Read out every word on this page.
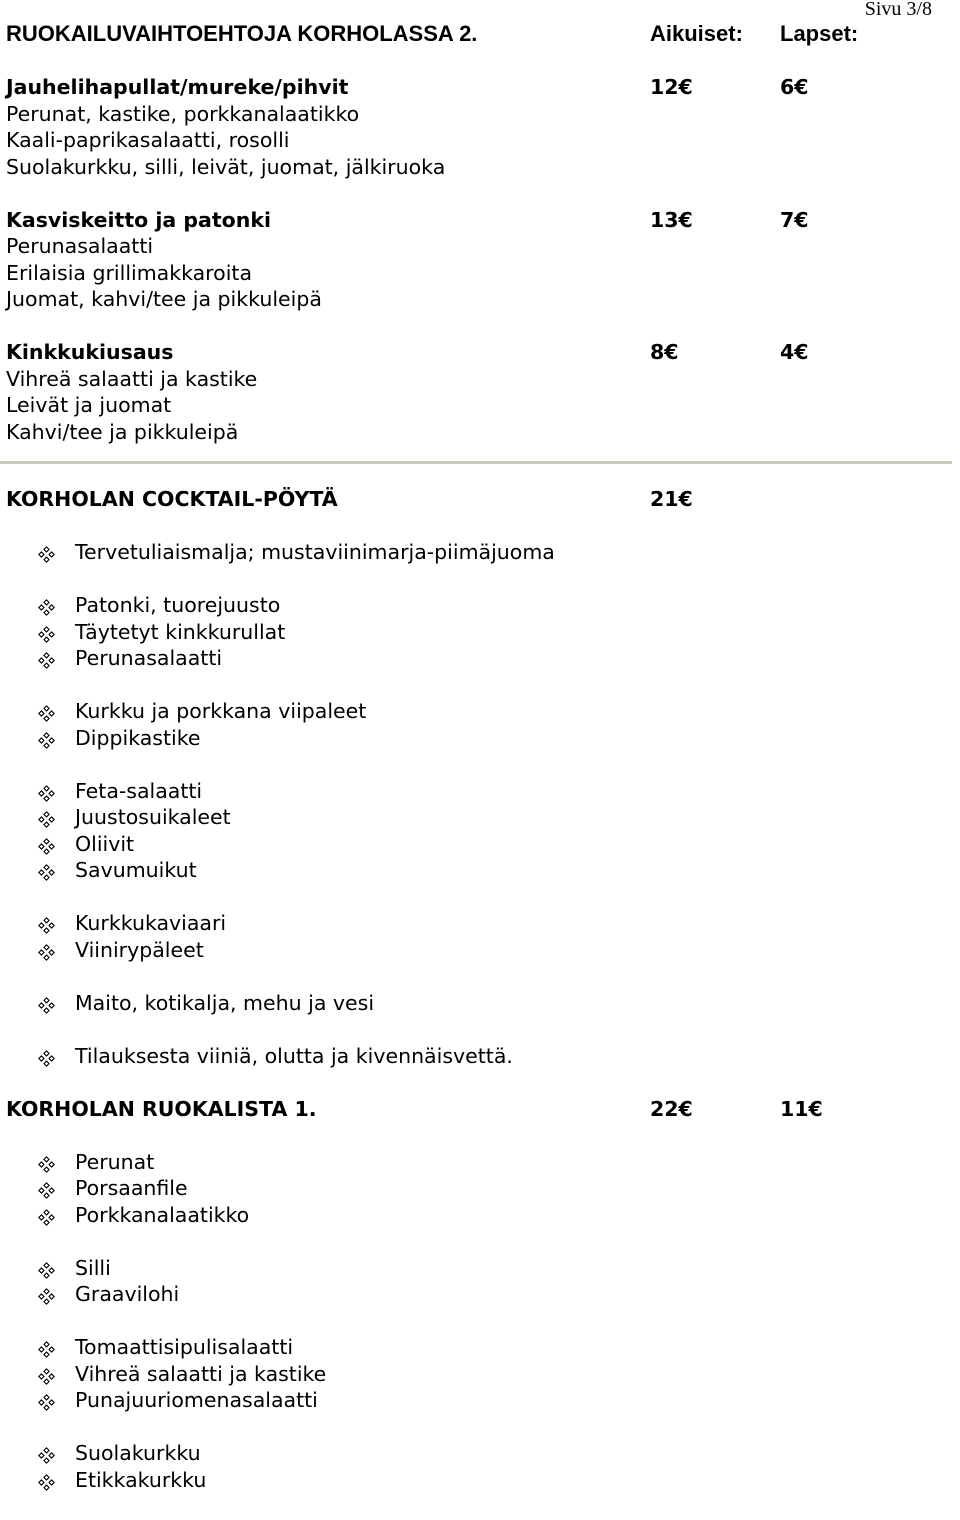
Sivu 3/8
RUOKAILUVAIHTOEHTOJA KORHOLASSA 2.	Aikuiset: Lapset:
Jauhelihapullat/mureke/pihvit	12€	6€
Perunat, kastike, porkkanalaatikko
Kaali-paprikasalaatti, rosolli
Suolakurkku, silli, leivät, juomat, jälkiruoka
Kasviskeitto ja patonki	13€	7€
Perunasalaatti
Erilaisia grillimakkaroita
Juomat, kahvi/tee ja pikkuleipä
Kinkkukiusaus	8€	4€
Vihreä salaatti ja kastike
Leivät ja juomat
Kahvi/tee ja pikkuleipä
KORHOLAN COCKTAIL-PÖYTÄ	21€
Tervetuliaismalja; mustaviinimarja-piimäjuoma
Patonki, tuorejuusto
Täytetyt kinkkurullat
Perunasalaatti
Kurkku ja porkkana viipaleet
Dippikastike
Feta-salaatti
Juustosuikaleet
Oliivit
Savumuikut
Kurkkukaviaari
Viinirypäleet
Maito, kotikalja, mehu ja vesi
Tilauksesta viiniä, olutta ja kivennäisvettä.
KORHOLAN RUOKALISTA 1.	22€	11€
Perunat
Porsaanfile
Porkkanalaatikko
Silli
Graavilohi
Tomaattisipulisalaatti
Vihreä salaatti ja kastike
Punajuuriomenasalaatti
Suolakurkku
Etikkakurkku
